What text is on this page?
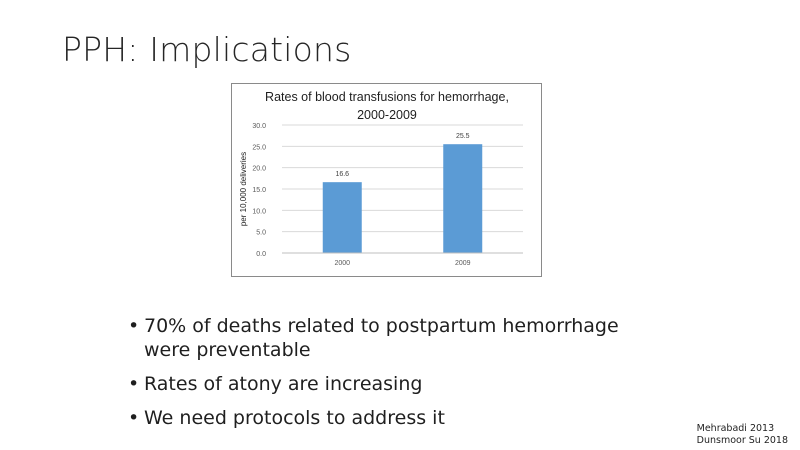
PPH: Implications
Rates of blood transfusions for hemorrhage,
2000-2009
0.0
5.0
10.0
15.0
20.0
25.0
30.0
per 10,000 deliveries	16.6
2000
25.5
2009
• 70% of deaths related to postpartum hemorrhage were preventable
• Rates of atony are increasing
• We need protocols to address it	Mehrabadi 2013
Dunsmoor Su 2018
